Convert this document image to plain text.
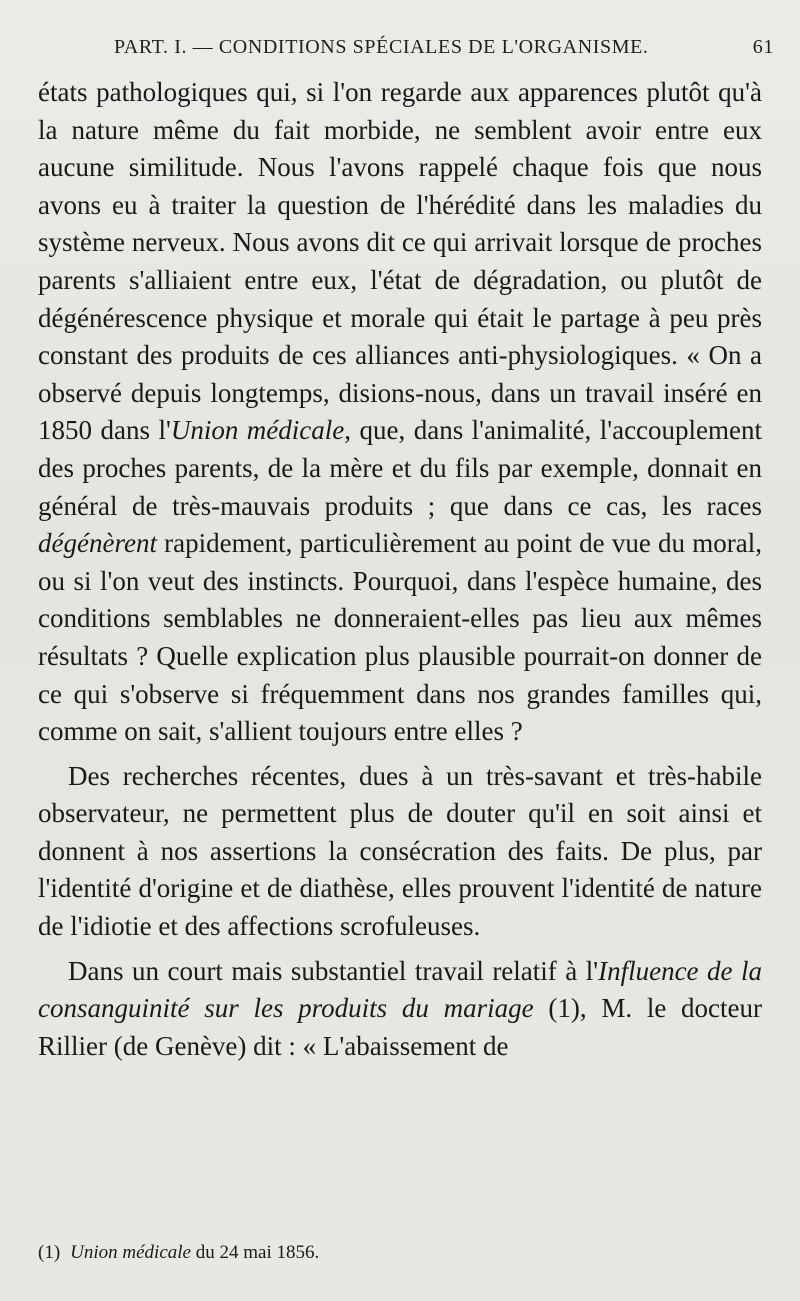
PART. I. — CONDITIONS SPÉCIALES DE L'ORGANISME.	61

états pathologiques qui, si l'on regarde aux apparences plutôt qu'à la nature même du fait morbide, ne semblent avoir entre eux aucune similitude. Nous l'avons rappelé chaque fois que nous avons eu à traiter la question de l'hérédité dans les maladies du système nerveux. Nous avons dit ce qui arrivait lorsque de proches parents s'alliaient entre eux, l'état de dégradation, ou plutôt de dégénérescence physique et morale qui était le partage à peu près constant des produits de ces alliances anti-physiologiques. « On a observé depuis longtemps, disions-nous, dans un travail inséré en 1850 dans l'Union médicale, que, dans l'animalité, l'accouplement des proches parents, de la mère et du fils par exemple, donnait en général de très-mauvais produits ; que dans ce cas, les races dégénèrent rapidement, particulièrement au point de vue du moral, ou si l'on veut des instincts. Pourquoi, dans l'espèce humaine, des conditions semblables ne donneraient-elles pas lieu aux mêmes résultats ? Quelle explication plus plausible pourrait-on donner de ce qui s'observe si fréquemment dans nos grandes familles qui, comme on sait, s'allient toujours entre elles ?

Des recherches récentes, dues à un très-savant et très-habile observateur, ne permettent plus de douter qu'il en soit ainsi et donnent à nos assertions la consécration des faits. De plus, par l'identité d'origine et de diathèse, elles prouvent l'identité de nature de l'idiotie et des affections scrofuleuses.

Dans un court mais substantiel travail relatif à l'Influence de la consanguinité sur les produits du mariage (1), M. le docteur Rillier (de Genève) dit : « L'abaissement de

(1) Union médicale du 24 mai 1856.
